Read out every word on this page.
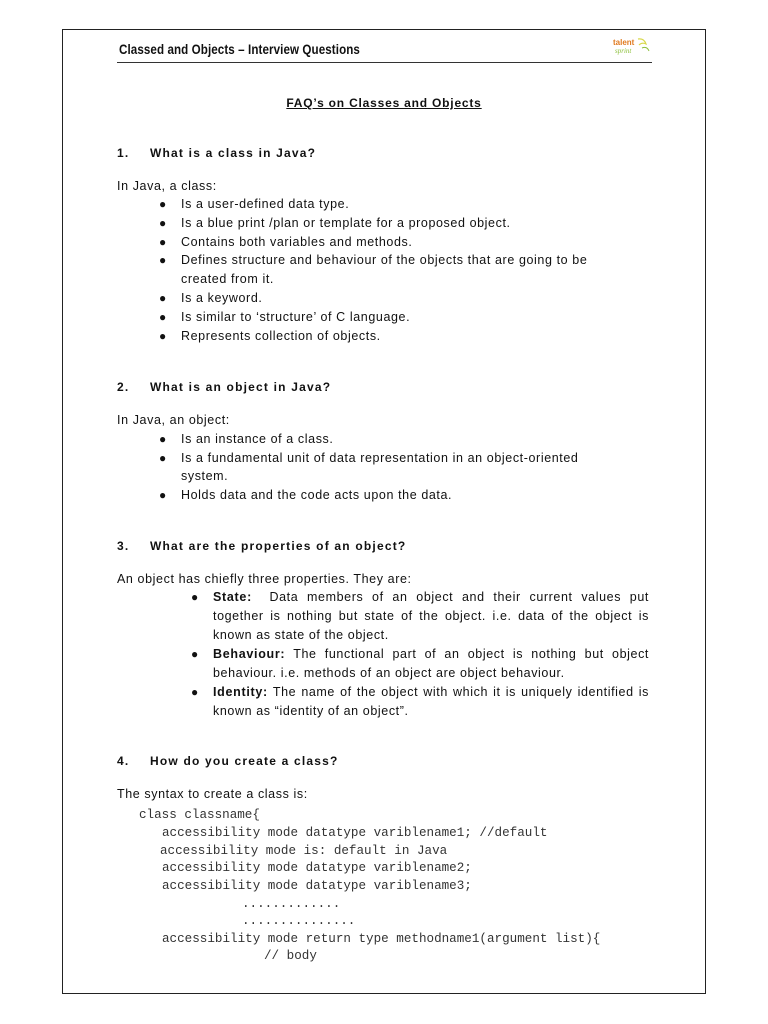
Classed and Objects – Interview Questions	talent
sprint
FAQ’s on Classes and Objects
1. What is a class in Java?
In Java, a class:
● Is a user-defined data type.
● Is a blue print /plan or template for a proposed object.
● Contains both variables and methods.
● Defines structure and behaviour of the objects that are going to be
created from it.
● Is a keyword.
● Is similar to ‘structure’ of C language.
● Represents collection of objects.
2. What is an object in Java?
In Java, an object:
● Is an instance of a class.
● Is a fundamental unit of data representation in an object-oriented
system.
● Holds data and the code acts upon the data.
3. What are the properties of an object?
An object has chiefly three properties. They are:
● State: Data members of an object and their current values put together is nothing but state of the object. i.e. data of the object is known as state of the object.
● Behaviour: The functional part of an object is nothing but object behaviour. i.e. methods of an object are object behaviour.
● Identity: The name of the object with which it is uniquely identified is known as “identity of an object”.
4. How do you create a class?
The syntax to create a class is:
class classname{
accessibility mode datatype variblename1; //default
accessibility mode is: default in Java
accessibility mode datatype variblename2;
accessibility mode datatype variblename3;
.............
...............
accessibility mode return type methodname1(argument list){
// body
